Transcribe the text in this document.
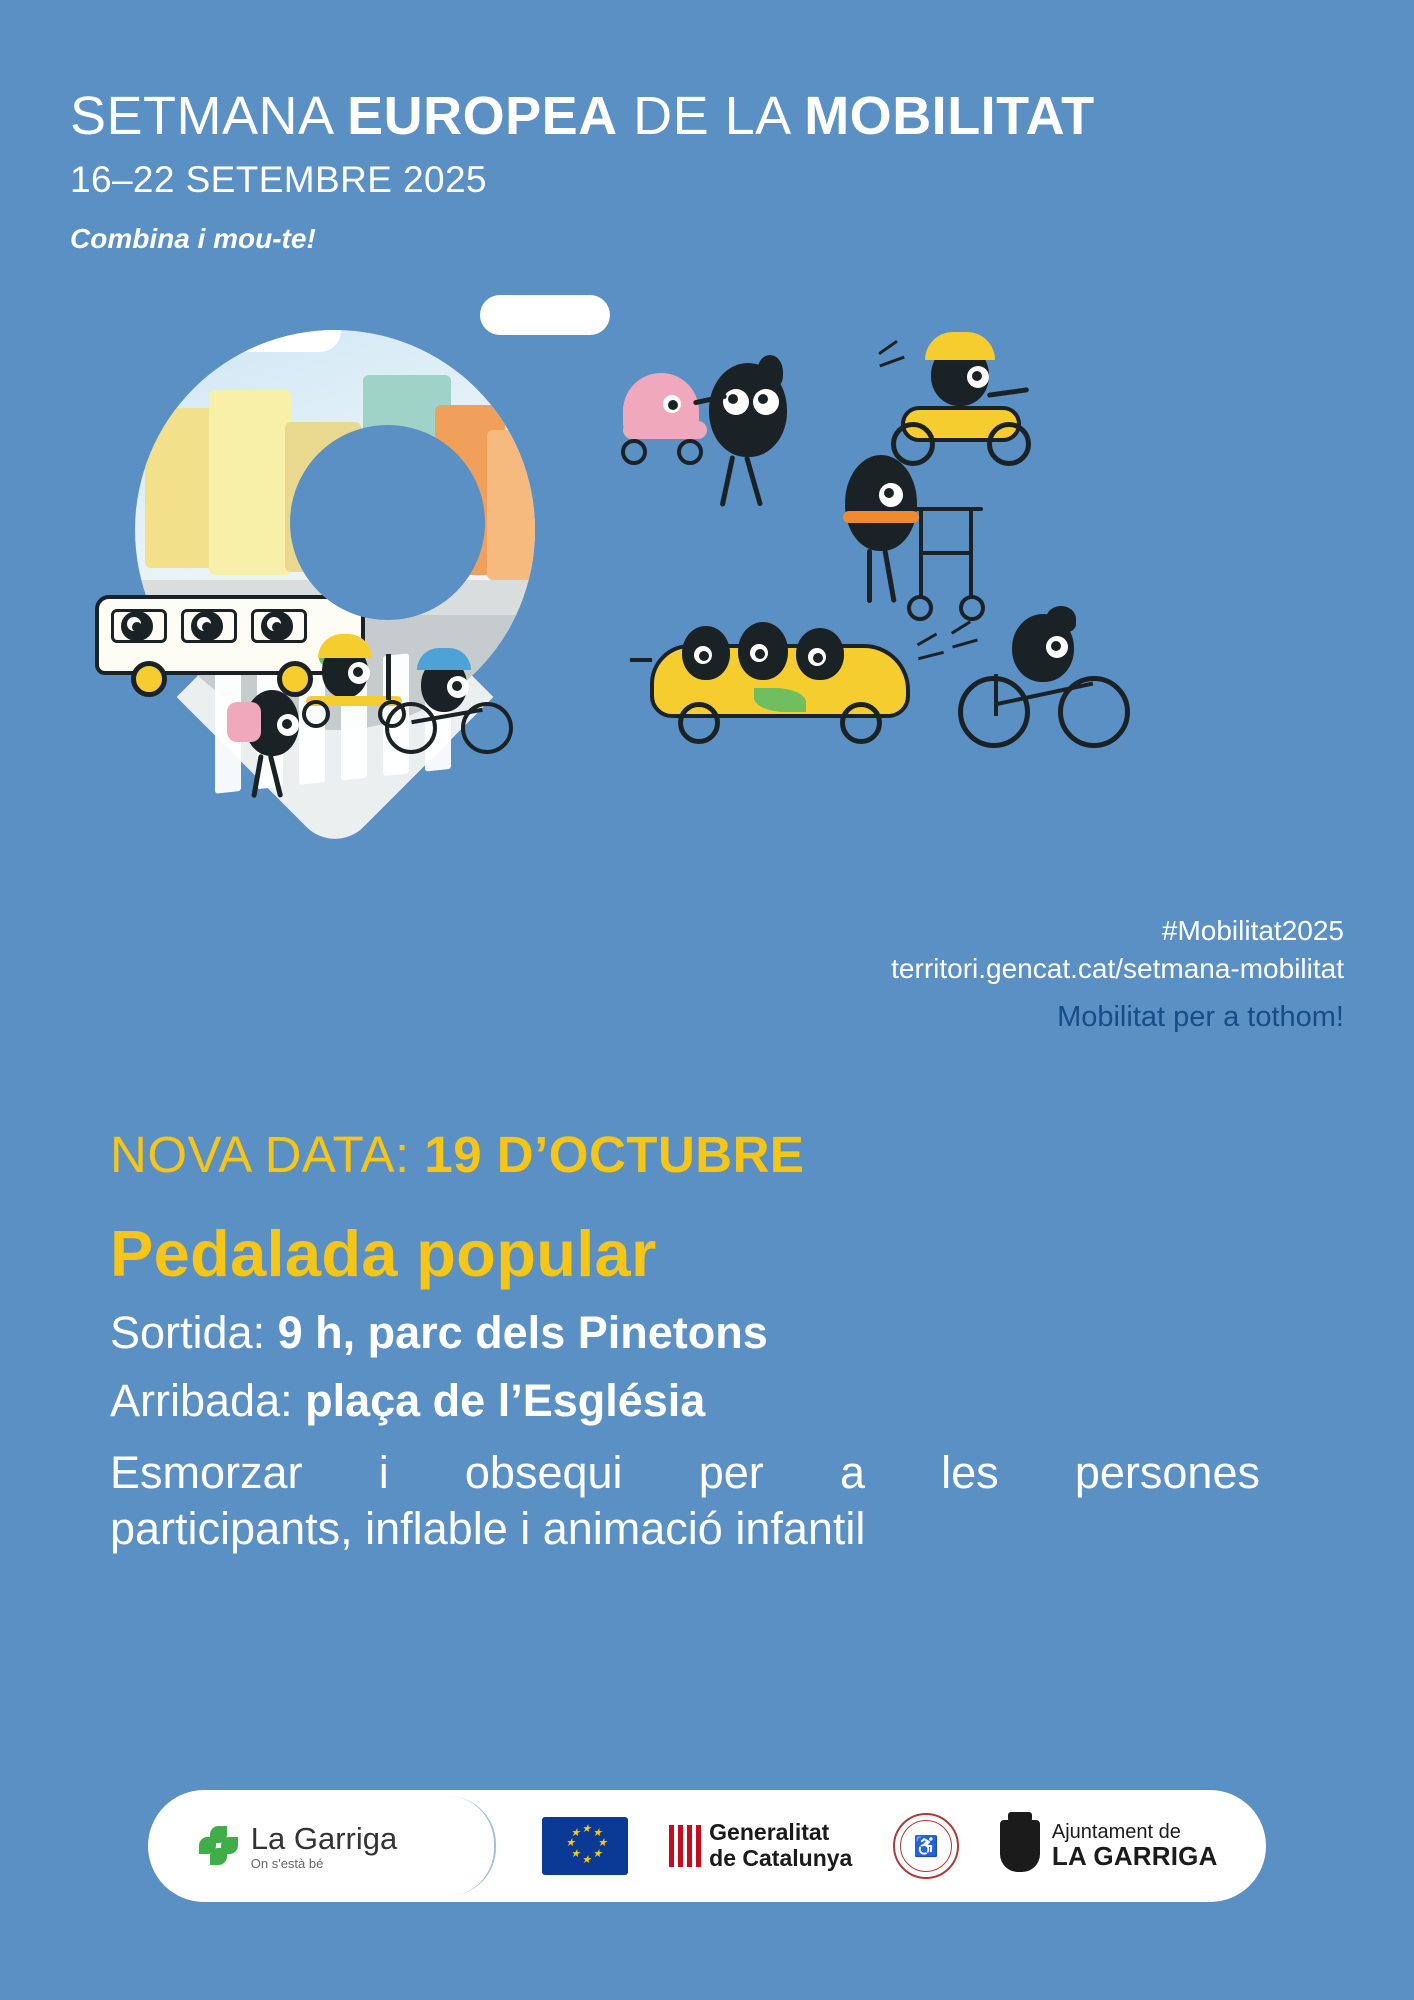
SETMANA EUROPEA DE LA MOBILITAT
16–22 SETEMBRE 2025
Combina i mou-te!
#Mobilitat2025
territori.gencat.cat/setmana-mobilitat
Mobilitat per a tothom!
NOVA DATA: 19 D’OCTUBRE
Pedalada popular
Sortida: 9 h, parc dels Pinetons
Arribada: plaça de l’Església
Esmorzar i obsequi per a les persones
participants, inflable i animació infantil
La Garriga
On s'està bé
★ ★
★
★
★
★
★
★	Generalitat
de Catalunya	♿
Ajuntament de
LA GARRIGA
